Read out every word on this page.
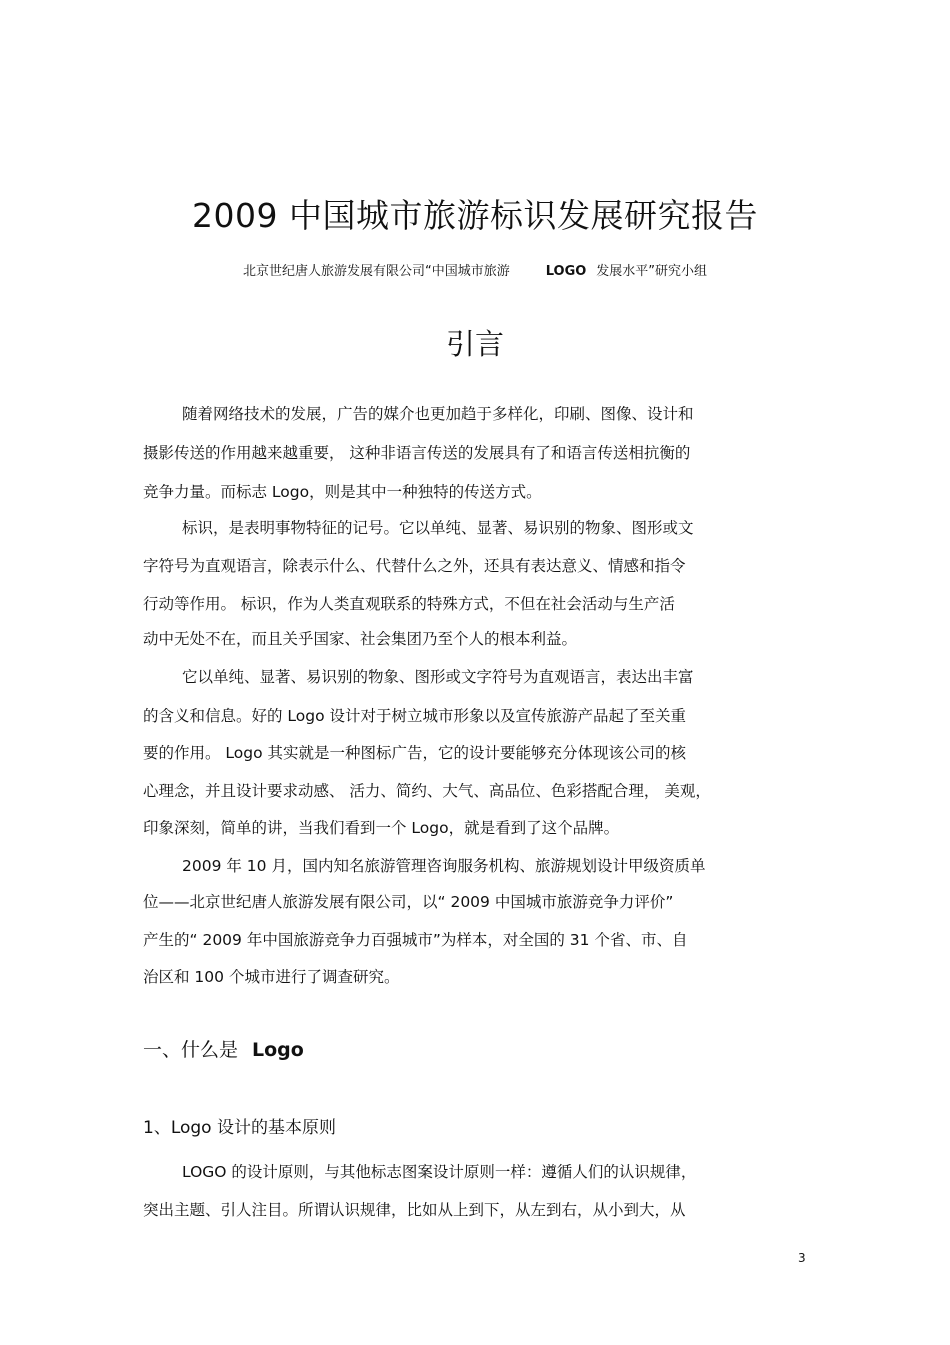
2009 中国城市旅游标识发展研究报告

北京世纪唐人旅游发展有限公司“中国城市旅游	LOGO 发展水平”研究小组

引言

随着网络技术的发展，广告的媒介也更加趋于多样化，印刷、图像、设计和

摄影传送的作用越来越重要， 这种非语言传送的发展具有了和语言传送相抗衡的

竞争力量。而标志 Logo，则是其中一种独特的传送方式。

标识，是表明事物特征的记号。它以单纯、显著、易识别的物象、图形或文

字符号为直观语言，除表示什么、代替什么之外，还具有表达意义、情感和指令

行动等作用。 标识，作为人类直观联系的特殊方式，不但在社会活动与生产活

动中无处不在，而且关乎国家、社会集团乃至个人的根本利益。

它以单纯、显著、易识别的物象、图形或文字符号为直观语言，表达出丰富

的含义和信息。好的 Logo 设计对于树立城市形象以及宣传旅游产品起了至关重

要的作用。 Logo 其实就是一种图标广告，它的设计要能够充分体现该公司的核

心理念，并且设计要求动感、 活力、简约、大气、高品位、色彩搭配合理， 美观，

印象深刻，简单的讲，当我们看到一个 Logo，就是看到了这个品牌。

2009 年 10 月，国内知名旅游管理咨询服务机构、旅游规划设计甲级资质单

位——北京世纪唐人旅游发展有限公司，以“ 2009 中国城市旅游竞争力评价”

产生的“ 2009 年中国旅游竞争力百强城市”为样本，对全国的 31 个省、市、自

治区和 100 个城市进行了调查研究。

一、什么是 Logo
1、Logo 设计的基本原则

LOGO 的设计原则，与其他标志图案设计原则一样：遵循人们的认识规律，

突出主题、引人注目。所谓认识规律，比如从上到下，从左到右，从小到大，从

3
